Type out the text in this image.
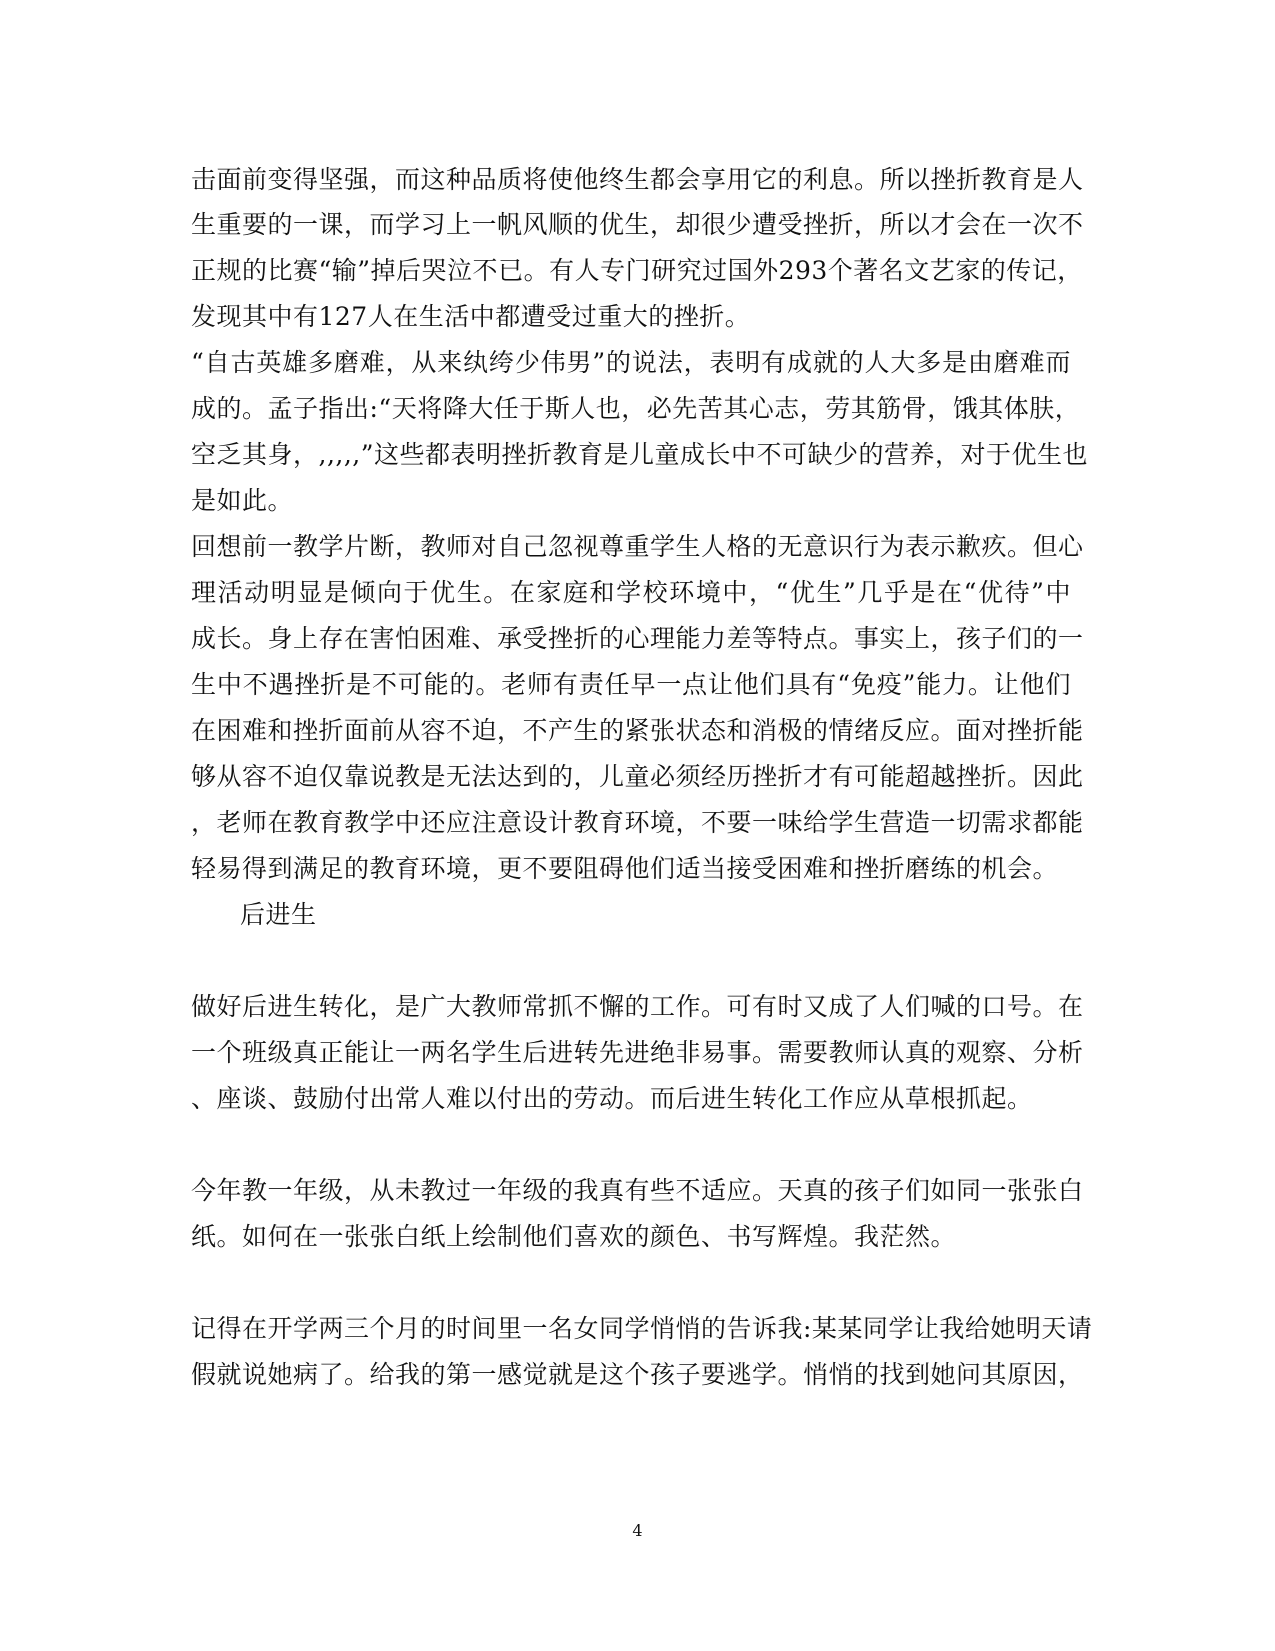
击面前变得坚强，而这种品质将使他终生都会享用它的利息。所以挫折教育是人
生重要的一课，而学习上一帆风顺的优生，却很少遭受挫折，所以才会在一次不
正规的比赛“输”掉后哭泣不已。有人专门研究过国外293个著名文艺家的传记，
发现其中有127人在生活中都遭受过重大的挫折。
“自古英雄多磨难，从来纨绔少伟男”的说法，表明有成就的人大多是由磨难而
成的。孟子指出:“天将降大任于斯人也，必先苦其心志，劳其筋骨，饿其体肤，
空乏其身，,,,,,”这些都表明挫折教育是儿童成长中不可缺少的营养，对于优生也
是如此。
回想前一教学片断，教师对自己忽视尊重学生人格的无意识行为表示歉疚。但心
理活动明显是倾向于优生。在家庭和学校环境中，“优生”几乎是在“优待”中
成长。身上存在害怕困难、承受挫折的心理能力差等特点。事实上，孩子们的一
生中不遇挫折是不可能的。老师有责任早一点让他们具有“免疫”能力。让他们
在困难和挫折面前从容不迫，不产生的紧张状态和消极的情绪反应。面对挫折能
够从容不迫仅靠说教是无法达到的，儿童必须经历挫折才有可能超越挫折。因此
，老师在教育教学中还应注意设计教育环境，不要一味给学生营造一切需求都能
轻易得到满足的教育环境，更不要阻碍他们适当接受困难和挫折磨练的机会。
后进生
做好后进生转化，是广大教师常抓不懈的工作。可有时又成了人们喊的口号。在
一个班级真正能让一两名学生后进转先进绝非易事。需要教师认真的观察、分析
、座谈、鼓励付出常人难以付出的劳动。而后进生转化工作应从草根抓起。
今年教一年级，从未教过一年级的我真有些不适应。天真的孩子们如同一张张白
纸。如何在一张张白纸上绘制他们喜欢的颜色、书写辉煌。我茫然。
记得在开学两三个月的时间里一名女同学悄悄的告诉我:某某同学让我给她明天请
假就说她病了。给我的第一感觉就是这个孩子要逃学。悄悄的找到她问其原因，
4
